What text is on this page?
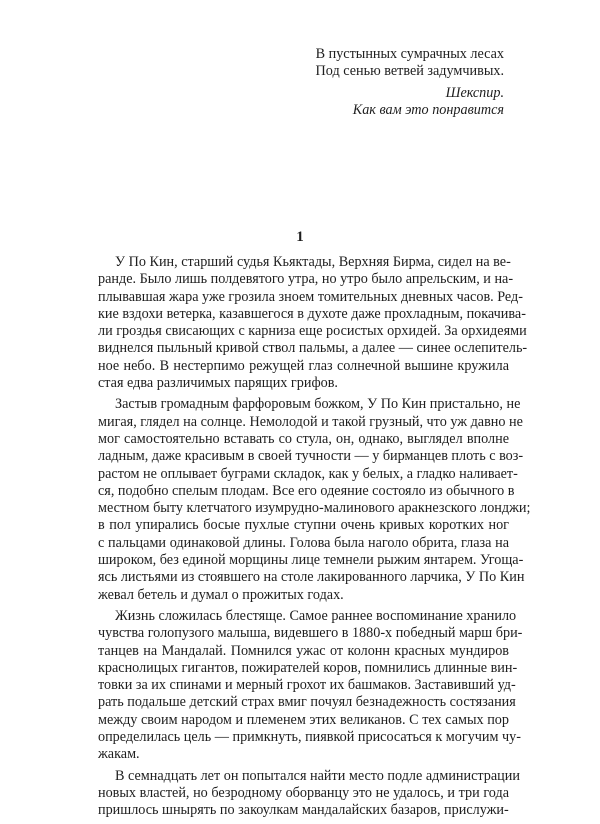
В пустынных сумрачных лесах
Под сенью ветвей задумчивых.
Шекспир.
Как вам это понравится
1
У По Кин, старший судья Кьяктады, Верхняя Бирма, сидел на ве-
ранде. Было лишь полдевятого утра, но утро было апрельским, и на-
плывавшая жара уже грозила зноем томительных дневных часов. Ред-
кие вздохи ветерка, казавшегося в духоте даже прохладным, покачива-
ли гроздья свисающих с карниза еще росистых орхидей. За орхидеями
виднелся пыльный кривой ствол пальмы, а далее — синее ослепитель-
ное небо. В нестерпимо режущей глаз солнечной вышине кружила
стая едва различимых парящих грифов.
Застыв громадным фарфоровым божком, У По Кин пристально, не
мигая, глядел на солнце. Немолодой и такой грузный, что уж давно не
мог самостоятельно вставать со стула, он, однако, выглядел вполне
ладным, даже красивым в своей тучности — у бирманцев плоть с воз-
растом не оплывает буграми складок, как у белых, а гладко наливает-
ся, подобно спелым плодам. Все его одеяние состояло из обычного в
местном быту клетчатого изумрудно-малинового аракнезского лонджи;
в пол упирались босые пухлые ступни очень кривых коротких ног
с пальцами одинаковой длины. Голова была наголо обрита, глаза на
широком, без единой морщины лице темнели рыжим янтарем. Угоща-
ясь листьями из стоявшего на столе лакированного ларчика, У По Кин
жевал бетель и думал о прожитых годах.
Жизнь сложилась блестяще. Самое раннее воспоминание хранило
чувства голопузого малыша, видевшего в 1880-х победный марш бри-
танцев на Мандалай. Помнился ужас от колонн красных мундиров
краснолицых гигантов, пожирателей коров, помнились длинные вин-
товки за их спинами и мерный грохот их башмаков. Заставивший уд-
рать подальше детский страх вмиг почуял безнадежность состязания
между своим народом и племенем этих великанов. С тех самых пор
определилась цель — примкнуть, пиявкой присосаться к могучим чу-
жакам.
В семнадцать лет он попытался найти место подле администрации
новых властей, но безродному оборванцу это не удалось, и три года
пришлось шнырять по закоулкам мандалайских базаров, прислужи-
